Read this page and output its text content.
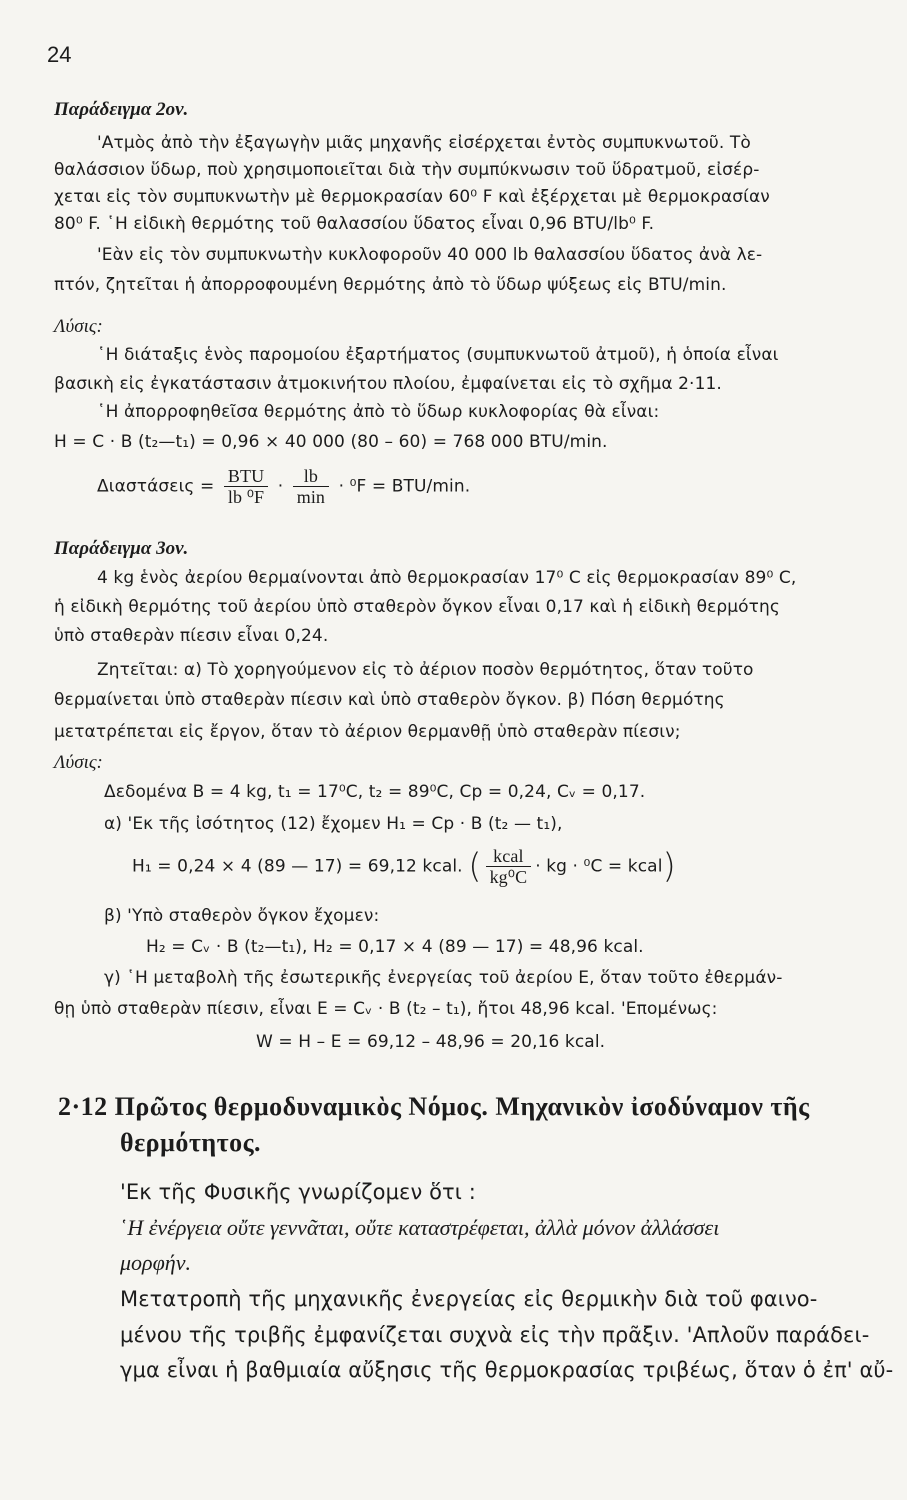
24
Παράδειγμα 2ον.
'Ατμὸς ἀπὸ τὴν ἐξαγωγὴν μιᾶς μηχανῆς εἰσέρχεται ἐντὸς συμπυκνωτοῦ. Τὸ
θαλάσσιον ὕδωρ, ποὺ χρησιμοποιεῖται διὰ τὴν συμπύκνωσιν τοῦ ὕδρατμοῦ, εἰσέρ-
χεται εἰς τὸν συμπυκνωτὴν μὲ θερμοκρασίαν 60⁰ F καὶ ἐξέρχεται μὲ θερμοκρασίαν
80⁰ F. ῾Η εἰδικὴ θερμότης τοῦ θαλασσίου ὕδατος εἶναι 0,96 BTU/lb⁰ F.
'Εὰν εἰς τὸν συμπυκνωτὴν κυκλοφοροῦν 40 000 lb θαλασσίου ὕδατος ἀνὰ λε-
πτόν, ζητεῖται ἡ ἀπορροφουμένη θερμότης ἀπὸ τὸ ὕδωρ ψύξεως εἰς BTU/min.
Λύσις:
῾Η διάταξις ἑνὸς παρομοίου ἐξαρτήματος (συμπυκνωτοῦ ἀτμοῦ), ἡ ὁποία εἶναι
βασικὴ εἰς ἐγκατάστασιν ἀτμοκινήτου πλοίου, ἐμφαίνεται εἰς τὸ σχῆμα 2·11.
῾Η ἀπορροφηθεῖσα θερμότης ἀπὸ τὸ ὕδωρ κυκλοφορίας θὰ εἶναι:
H = C · B (t₂—t₁) = 0,96 × 40 000 (80 – 60) = 768 000 BTU/min.
$\Delta\iota\alpha\sigma\tau ά\sigma\varepsilon\iota\varsigma = \frac{\text{BTU}}{\text{lb ⁰F}} \cdot \frac{lb}{\min} \cdot ^0F = BTU/\min$.
Παράδειγμα 3ον.
4 kg ἑνὸς ἀερίου θερμαίνονται ἀπὸ θερμοκρασίαν 17⁰ C εἰς θερμοκρασίαν 89⁰ C,
ἡ εἰδικὴ θερμότης τοῦ ἀερίου ὑπὸ σταθερὸν ὄγκον εἶναι 0,17 καὶ ἡ εἰδικὴ θερμότης
ὑπὸ σταθερὰν πίεσιν εἶναι 0,24.
Ζητεῖται: α) Τὸ χορηγούμενον εἰς τὸ ἀέριον ποσὸν θερμότητος, ὅταν τοῦτο
θερμαίνεται ὑπὸ σταθερὰν πίεσιν καὶ ὑπὸ σταθερὸν ὄγκον. β) Πόση θερμότης
μετατρέπεται εἰς ἔργον, ὅταν τὸ ἀέριον θερμανθῇ ὑπὸ σταθερὰν πίεσιν;
Λύσις:
Δεδομένα B = 4 kg, t₁ = 17⁰C, t₂ = 89⁰C, Cp = 0,24, Cᵥ = 0,17.
α) 'Εκ τῆς ἰσότητος (12) ἔχομεν H₁ = Cp · B (t₂ — t₁),
H₁ = 0,24 × 4 (89 — 17) = 69,12 kcal. ( $\frac{\text{kcal}}{\text{kg⁰C}}$ · kg · ⁰C = kcal)
β) 'Υπὸ σταθερὸν ὄγκον ἔχομεν:
H₂ = Cᵥ · B (t₂—t₁), H₂ = 0,17 × 4 (89 — 17) = 48,96 kcal.
γ) ῾Η μεταβολὴ τῆς ἐσωτερικῆς ἐνεργείας τοῦ ἀερίου E, ὅταν τοῦτο ἐθερμάν-
θῃ ὑπὸ σταθερὰν πίεσιν, εἶναι E = Cᵥ · B (t₂ – t₁), ἤτοι 48,96 kcal. 'Επομένως:
W = H – E = 69,12 – 48,96 = 20,16 kcal.
2·12 Πρῶτος θερμοδυναμικὸς Νόμος. Μηχανικὸν ἰσοδύναμον τῆς
θερμότητος.
'Εκ τῆς Φυσικῆς γνωρίζομεν ὅτι :
῾Η ἐνέργεια οὔτε γεννᾶται, οὔτε καταστρέφεται, ἀλλὰ μόνον ἀλλάσσει
μορφήν.
Μετατροπὴ τῆς μηχανικῆς ἐνεργείας εἰς θερμικὴν διὰ τοῦ φαινο-
μένου τῆς τριβῆς ἐμφανίζεται συχνὰ εἰς τὴν πρᾶξιν. 'Απλοῦν παράδει-
γμα εἶναι ἡ βαθμιαία αὔξησις τῆς θερμοκρασίας τριβέως, ὅταν ὁ ἐπ' αὔ-
